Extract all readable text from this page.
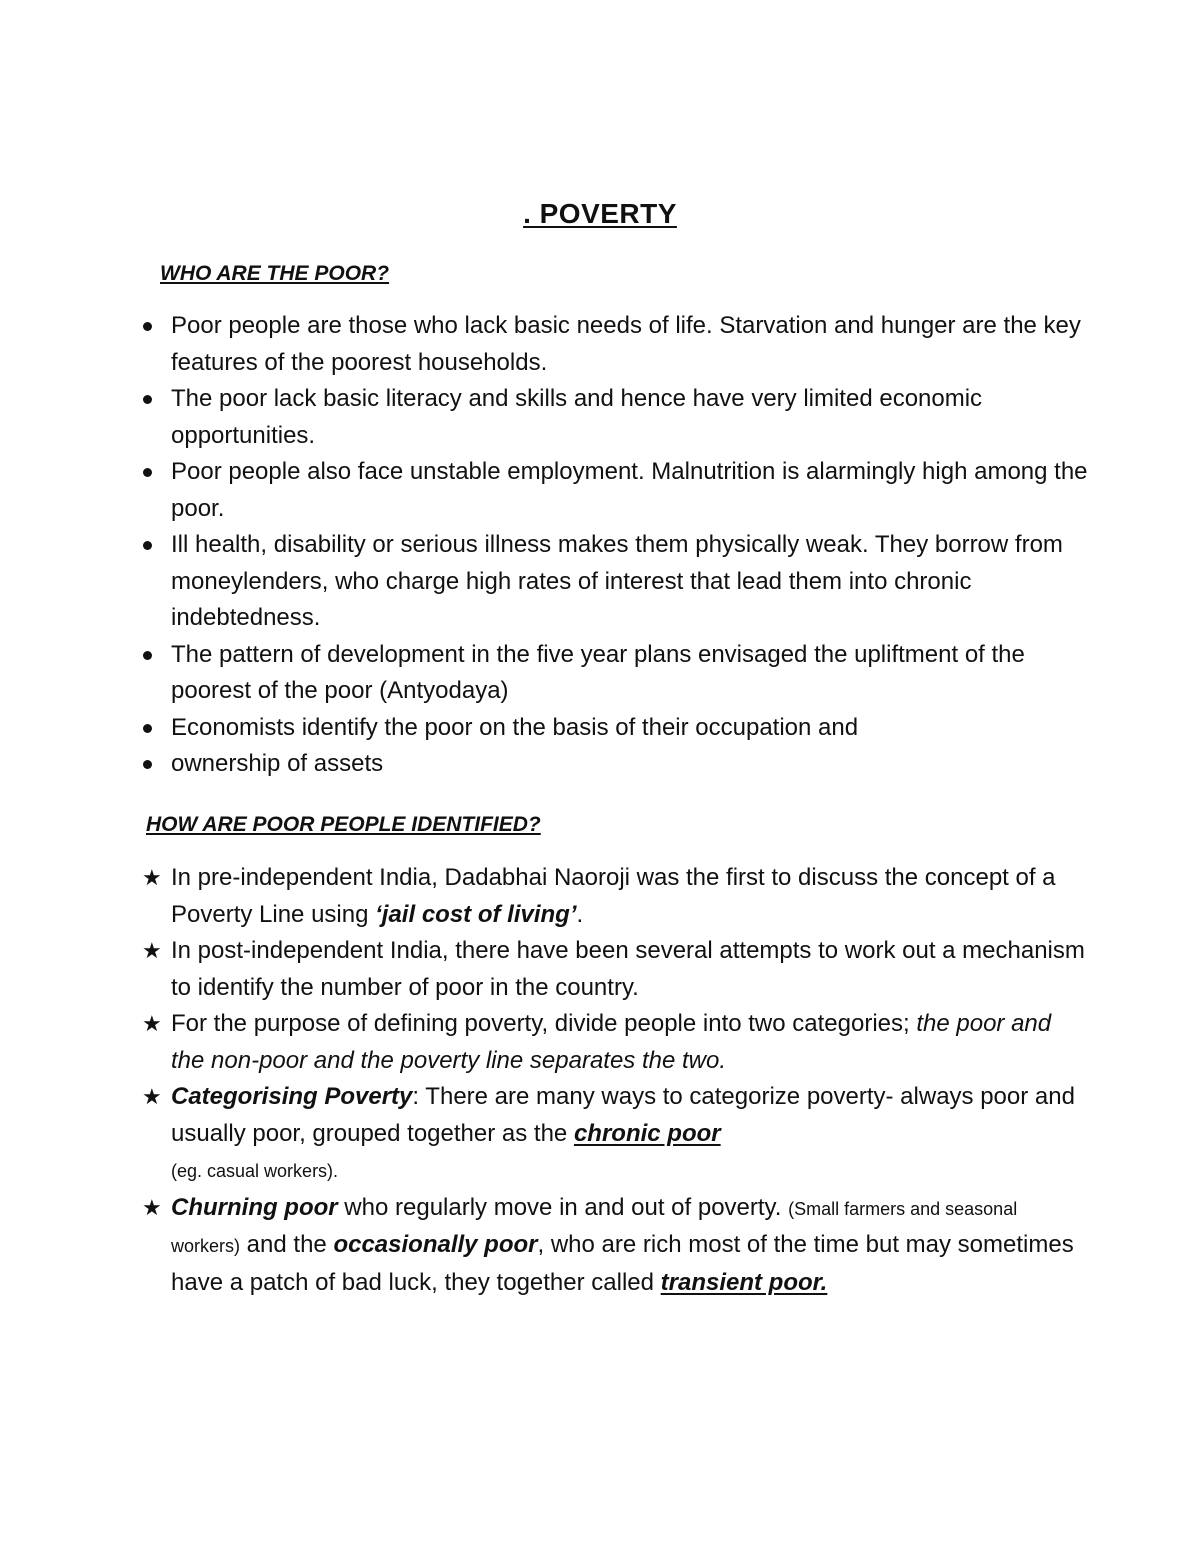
. POVERTY
WHO ARE THE POOR?
Poor people are those who lack basic needs of life. Starvation and hunger are the key features of the poorest households.
The poor lack basic literacy and skills and hence have very limited economic opportunities.
Poor people also face unstable employment. Malnutrition is alarmingly high among the poor.
Ill health, disability or serious illness makes them physically weak. They borrow from moneylenders, who charge high rates of interest that lead them into chronic indebtedness.
The pattern of development in the five year plans envisaged the upliftment of the poorest of the poor (Antyodaya)
Economists identify the poor on the basis of their occupation and
ownership of assets
HOW ARE POOR PEOPLE IDENTIFIED?
★ In pre-independent India, Dadabhai Naoroji was the first to discuss the concept of a Poverty Line using ‘jail cost of living’.
★ In post-independent India, there have been several attempts to work out a mechanism to identify the number of poor in the country.
★ For the purpose of defining poverty, divide people into two categories; the poor and the non-poor and the poverty line separates the two.
★ Categorising Poverty: There are many ways to categorize poverty- always poor and usually poor, grouped together as the chronic poor
(eg. casual workers).
★ Churning poor who regularly move in and out of poverty. (Small farmers and seasonal workers) and the occasionally poor, who are rich most of the time but may sometimes have a patch of bad luck, they together called transient poor.
